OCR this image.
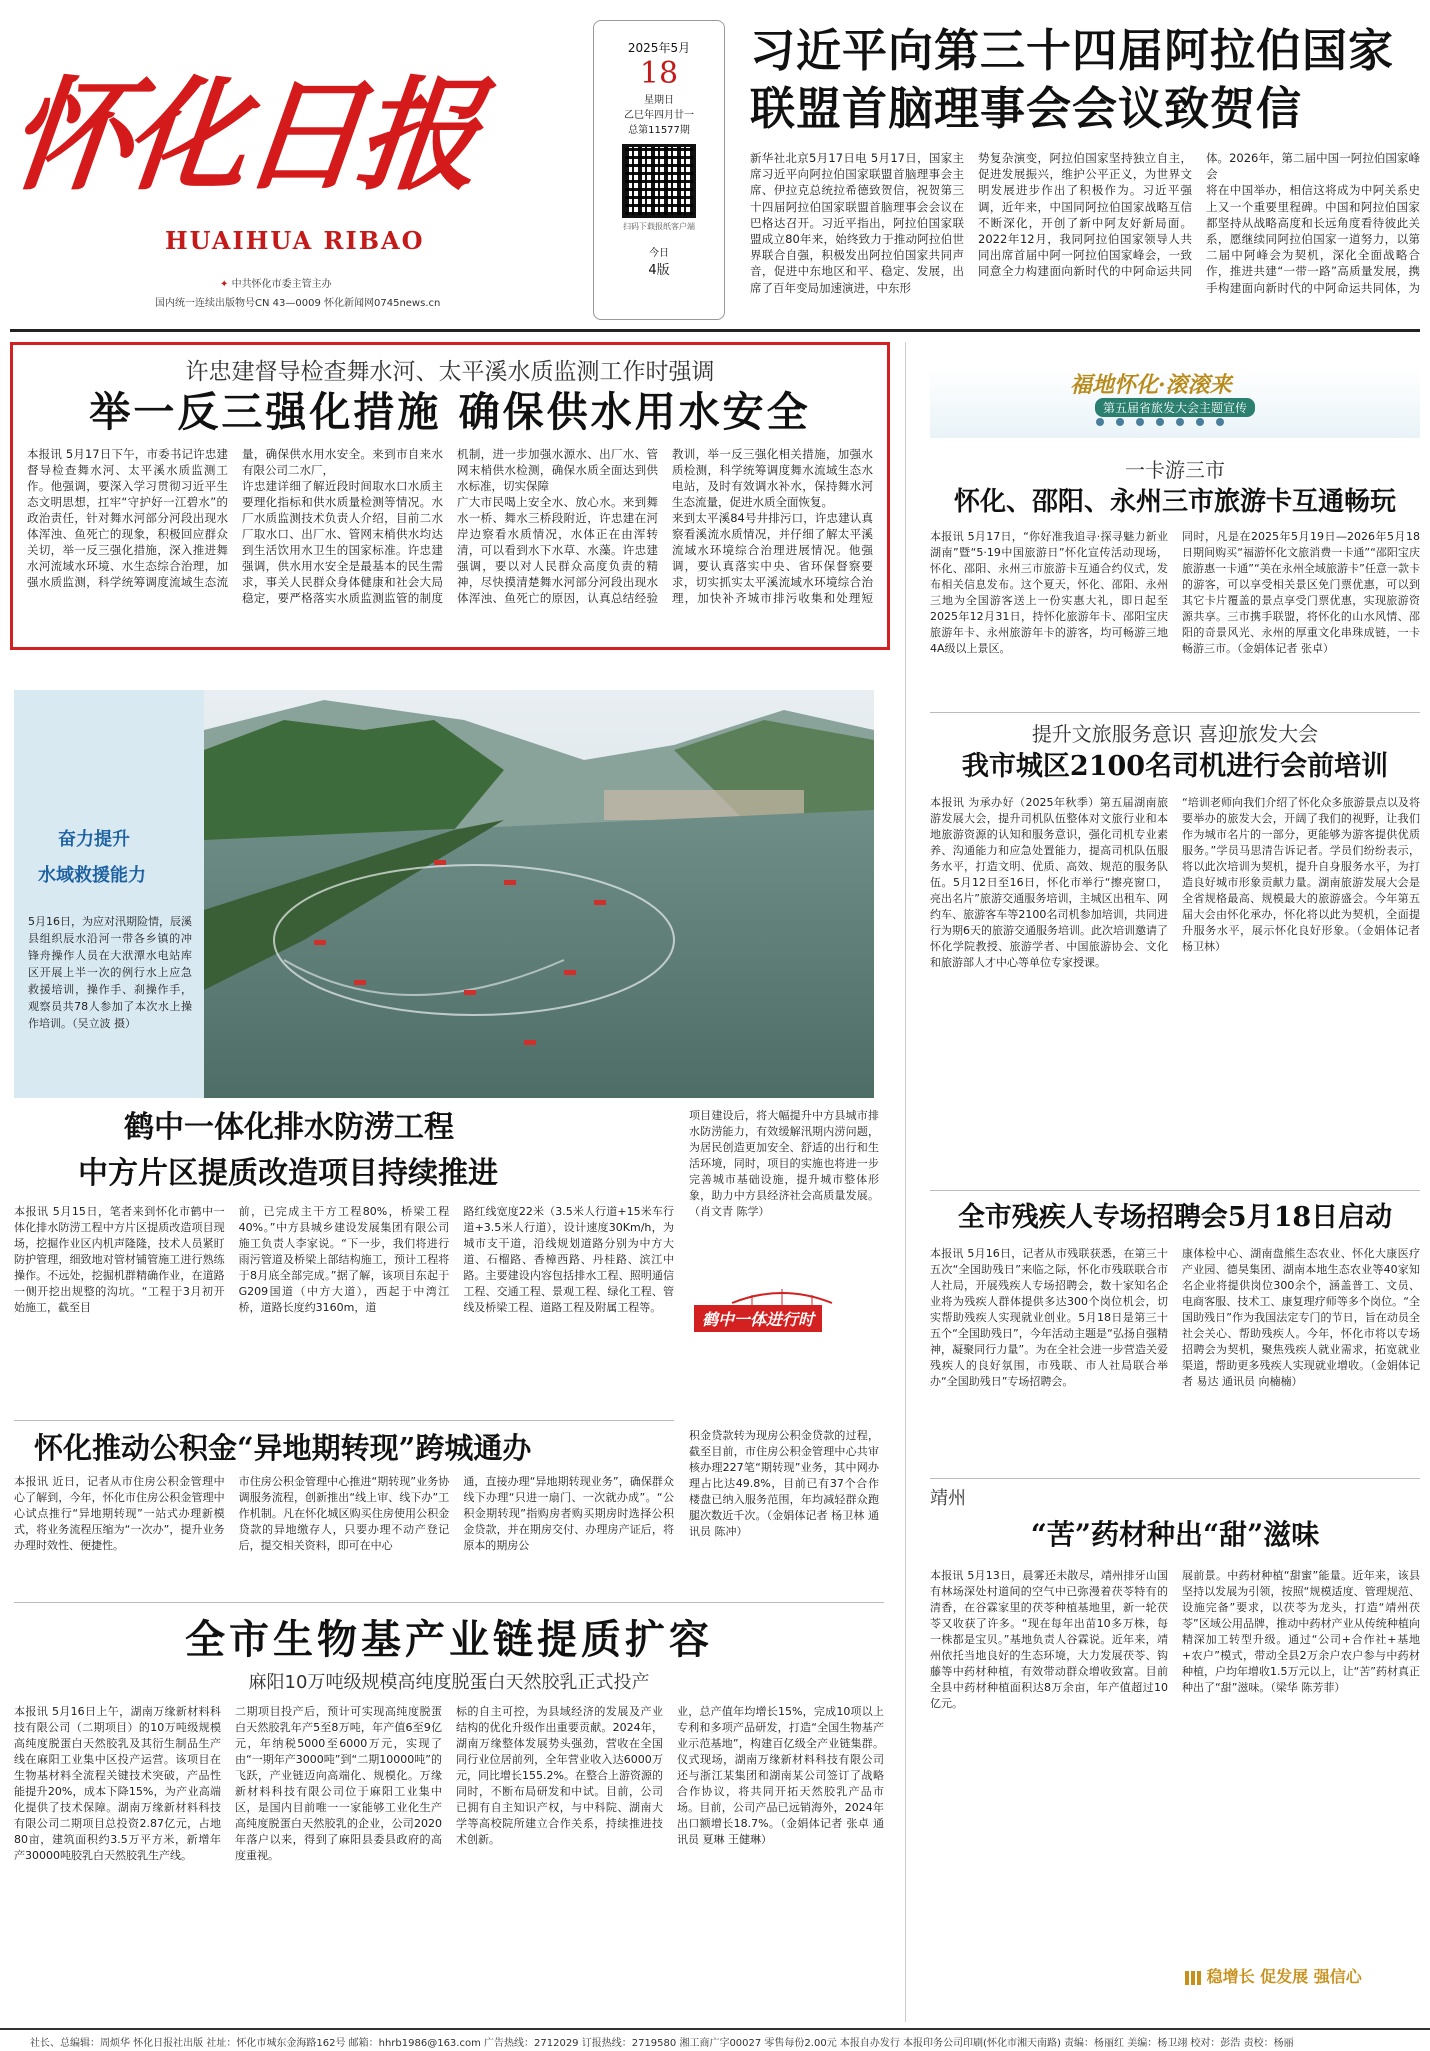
怀化日报
HUAIHUA RIBAO
✦ 中共怀化市委主管主办
国内统一连续出版物号CN 43—0009 怀化新闻网0745news.cn
2025年5月
18
星期日
乙巳年四月廿一
总第11577期
扫码下载报纸客户端
今日
4版
习近平向第三十四届阿拉伯国家联盟首脑理事会会议致贺信

新华社北京5月17日电 5月17日，国家主席习近平向阿拉伯国家联盟首脑理事会主席、伊拉克总统拉希德致贺信，祝贺第三十四届阿拉伯国家联盟首脑理事会会议在巴格达召开。习近平指出，阿拉伯国家联盟成立80年来，始终致力于推动阿拉伯世界联合自强，积极发出阿拉伯国家共同声音，促进中东地区和平、稳定、发展，出席了百年变局加速演进，中东形

势复杂演变，阿拉伯国家坚持独立自主，促进发展振兴，维护公平正义，为世界文明发展进步作出了积极作为。习近平强调，近年来，中国同阿拉伯国家战略互信不断深化，开创了新中阿友好新局面。2022年12月，我同阿拉伯国家领导人共同出席首届中阿一阿拉伯国家峰会，一致同意全力构建面向新时代的中阿命运共同体。2026年，第二届中国一阿拉伯国家峰会

将在中国举办，相信这将成为中阿关系史上又一个重要里程碑。中国和阿拉伯国家都坚持从战略高度和长远角度看待彼此关系，愿继续同阿拉伯国家一道努力，以第二届中阿峰会为契机，深化全面战略合作，推进共建“一带一路”高质量发展，携手构建面向新时代的中阿命运共同体，为

许忠建督导检查舞水河、太平溪水质监测工作时强调
举一反三强化措施 确保供水用水安全

本报讯 5月17日下午，市委书记许忠建督导检查舞水河、太平溪水质监测工作。他强调，要深入学习贯彻习近平生态文明思想，扛牢“守护好一江碧水”的政治责任，针对舞水河部分河段出现水体浑浊、鱼死亡的现象，积极回应群众关切，举一反三强化措施，深入推进舞水河流域水环境、水生态综合治理，加强水质监测，科学统筹调度流域生态流量，确保供水用水安全。来到市自来水有限公司二水厂，

许忠建详细了解近段时间取水口水质主要理化指标和供水质量检测等情况。水厂水质监测技术负责人介绍，目前二水厂取水口、出厂水、管网末梢供水均达到生活饮用水卫生的国家标准。许忠建强调，供水用水安全是最基本的民生需求，事关人民群众身体健康和社会大局稳定，要严格落实水质监测监管的制度机制，进一步加强水源水、出厂水、管网末梢供水检测，确保水质全面达到供水标准，切实保障

广大市民喝上安全水、放心水。来到舞水一桥、舞水三桥段附近，许忠建在河岸边察看水质情况，水体正在由浑转清，可以看到水下水草、水藻。许忠建强调，要以对人民群众高度负责的精神，尽快摸清楚舞水河部分河段出现水体浑浊、鱼死亡的原因，认真总结经验教训，举一反三强化相关措施，加强水质检测，科学统筹调度舞水流域生态水电站，及时有效调水补水，保持舞水河生态流量，促进水质全面恢复。

来到太平溪84号井排污口，许忠建认真察看溪流水质情况，并仔细了解太平溪流域水环境综合治理进展情况。他强调，要认真落实中央、省环保督察要求，切实抓实太平溪流域水环境综合治理，加快补齐城市排污收集和处理短

奋力提升
水域救援能力
5月16日，为应对汛期险情，辰溪县组织辰水沿河一带各乡镇的冲锋舟操作人员在大洑潭水电站库区开展上半一次的例行水上应急救援培训，操作手、刹操作手，观察员共78人参加了本次水上操作培训。（吴立波 摄）
鹤中一体化排水防涝工程
中方片区提质改造项目持续推进

本报讯 5月15日，笔者来到怀化市鹤中一体化排水防涝工程中方片区提质改造项目现场，挖掘作业区内机声隆隆，技术人员紧盯防护管理，细致地对管材铺管施工进行熟练操作。不远处，挖掘机群精确作业，在道路一侧开挖出规整的沟坑。“工程于3月初开始施工，截至目

前，已完成主干方工程80%，桥梁工程40%。”中方县城乡建设发展集团有限公司施工负责人李家说。“下一步，我们将进行雨污管道及桥梁上部结构施工，预计工程将于8月底全部完成。”据了解，该项目东起于G209国道（中方大道），西起于中湾江桥，道路长度约3160m，道

路红线宽度22米（3.5米人行道+15米车行道+3.5米人行道），设计速度30Km/h，为城市支干道，沿线规划道路分别为中方大道、石榴路、香樟西路、丹桂路、滨江中路。主要建设内容包括排水工程、照明通信工程、交通工程、景观工程、绿化工程、管线及桥梁工程、道路工程及附属工程等。

项目建设后，将大幅提升中方县城市排水防涝能力，有效缓解汛期内涝问题，为居民创造更加安全、舒适的出行和生活环境，同时，项目的实施也将进一步完善城市基础设施，提升城市整体形象，助力中方县经济社会高质量发展。（肖文青 陈学）

鹤中一体进行时
怀化推动公积金“异地期转现”跨城通办

本报讯 近日，记者从市住房公积金管理中心了解到，今年，怀化市住房公积金管理中心试点推行“异地期转现”一站式办理新模式，将业务流程压缩为“一次办”，提升业务办理时效性、便捷性。

市住房公积金管理中心推进“期转现”业务协调服务流程，创新推出“线上审、线下办”工作机制。凡在怀化城区购买住房使用公积金贷款的异地缴存人，只要办理不动产登记后，提交相关资料，即可在中心

通，直接办理“异地期转现业务”，确保群众线下办理“只进一扇门、一次就办成”。“公积金期转现”指购房者购买期房时选择公积金贷款，并在期房交付、办理房产证后，将原本的期房公

积金贷款转为现房公积金贷款的过程，截至目前，市住房公积金管理中心共审核办理227笔“期转现”业务，其中网办理占比达49.8%，目前已有37个合作楼盘已纳入服务范围，年均减轻群众跑腿次数近千次。（金娟体记者 杨卫林 通讯员 陈冲）

全市生物基产业链提质扩容
麻阳10万吨级规模高纯度脱蛋白天然胶乳正式投产

本报讯 5月16日上午，湖南万缘新材料科技有限公司（二期项目）的10万吨级规模高纯度脱蛋白天然胶乳及其衍生制品生产线在麻阳工业集中区投产运营。该项目在生物基材料全流程关键技术突破，产品性能提升20%，成本下降15%，为产业高端化提供了技术保障。湖南万缘新材料科技有限公司二期项目总投资2.87亿元，占地80亩，建筑面积约3.5万平方米，新增年产30000吨胶乳白天然胶乳生产线。

二期项目投产后，预计可实现高纯度脱蛋白天然胶乳年产5至8万吨，年产值6至9亿元，年纳税5000至6000万元，实现了由“一期年产3000吨”到“二期10000吨”的飞跃，产业链迈向高端化、规模化。万缘新材料科技有限公司位于麻阳工业集中区，是国内目前唯一一家能够工业化生产高纯度脱蛋白天然胶乳的企业，公司2020年落户以来，得到了麻阳县委县政府的高度重视。

标的自主可控，为县域经济的发展及产业结构的优化升级作出重要贡献。2024年，湖南万缘整体发展势头强劲，营收在全国同行业位居前列，全年营业收入达6000万元，同比增长155.2%。在整合上游资源的同时，不断布局研发和中试。目前，公司已拥有自主知识产权，与中科院、湖南大学等高校院所建立合作关系，持续推进技术创新。

业，总产值年均增长15%，完成10项以上专利和多项产品研发，打造“全国生物基产业示范基地”，构建百亿级全产业链集群。仪式现场，湖南万缘新材料科技有限公司还与浙江某集团和湖南某公司签订了战略合作协议，将共同开拓天然胶乳产品市场。目前，公司产品已远销海外，2024年出口额增长18.7%。（金娟体记者 张卓 通讯员 夏琳 王健琳）

福地怀化·滚滚来
第五届省旅发大会主题宣传
一卡游三市
怀化、邵阳、永州三市旅游卡互通畅玩

本报讯 5月17日，“你好准我追寻·探寻魅力新业湖南”暨“5·19中国旅游日”怀化宣传活动现场，怀化、邵阳、永州三市旅游卡互通合约仪式，发布相关信息发布。这个夏天，怀化、邵阳、永州三地为全国游客送上一份实惠大礼，即日起至2025年12月31日，持怀化旅游年卡、邵阳宝庆旅游年卡、永州旅游年卡的游客，均可畅游三地4A级以上景区。

同时，凡是在2025年5月19日—2026年5月18日期间购买“福游怀化文旅消费一卡通”“邵阳宝庆旅游惠一卡通”“美在永州全域旅游卡”任意一款卡的游客，可以享受相关景区免门票优惠，可以到其它卡片覆盖的景点享受门票优惠，实现旅游资源共享。三市携手联盟，将怀化的山水风情、邵阳的奇景风光、永州的厚重文化串珠成链，一卡畅游三市。（金娟体记者 张卓）

提升文旅服务意识 喜迎旅发大会
我市城区2100名司机进行会前培训

本报讯 为承办好（2025年秋季）第五届湖南旅游发展大会，提升司机队伍整体对文旅行业和本地旅游资源的认知和服务意识，强化司机专业素养、沟通能力和应急处置能力，提高司机队伍服务水平，打造文明、优质、高效、规范的服务队伍。5月12日至16日，怀化市举行“擦亮窗口，亮出名片”旅游交通服务培训，主城区出租车、网约车、旅游客车等2100名司机参加培训，共同进行为期6天的旅游交通服务培训。此次培训邀请了怀化学院教授、旅游学者、中国旅游协会、文化和旅游部人才中心等单位专家授课。

“培训老师向我们介绍了怀化众多旅游景点以及将要举办的旅发大会，开阔了我们的视野，让我们作为城市名片的一部分，更能够为游客提供优质服务。”学员马思清告诉记者。学员们纷纷表示，将以此次培训为契机，提升自身服务水平，为打造良好城市形象贡献力量。湖南旅游发展大会是全省规格最高、规模最大的旅游盛会。今年第五届大会由怀化承办，怀化将以此为契机，全面提升服务水平，展示怀化良好形象。（金娟体记者 杨卫林）

全市残疾人专场招聘会5月18日启动

本报讯 5月16日，记者从市残联获悉，在第三十五次“全国助残日”来临之际，怀化市残联联合市人社局，开展残疾人专场招聘会，数十家知名企业将为残疾人群体提供多达300个岗位机会，切实帮助残疾人实现就业创业。5月18日是第三十五个“全国助残日”，今年活动主题是“弘扬自强精神，凝聚同行力量”。为在全社会进一步营造关爱残疾人的良好氛围，市残联、市人社局联合举办“全国助残日”专场招聘会。

康体检中心、湖南盘熊生态农业、怀化大康医疗产业园、德昊集团、湖南本地生态农业等40家知名企业将提供岗位300余个，涵盖普工、文员、电商客服、技术工、康复理疗师等多个岗位。“全国助残日”作为我国法定专门的节日，旨在动员全社会关心、帮助残疾人。今年，怀化市将以专场招聘会为契机，聚焦残疾人就业需求，拓宽就业渠道，帮助更多残疾人实现就业增收。（金娟体记者 易达 通讯员 向楠楠）

靖州
“苦”药材种出“甜”滋味

本报讯 5月13日，晨雾还未散尽，靖州排牙山国有林场深处村道间的空气中已弥漫着茯苓特有的清香，在谷霖家里的茯苓种植基地里，新一轮茯苓又收获了许多。“现在每年出苗10多万株，每一株都是宝贝。”基地负责人谷霖说。近年来，靖州依托当地良好的生态环境，大力发展茯苓、钩藤等中药材种植，有效带动群众增收致富。目前全县中药材种植面积达8万余亩，年产值超过10亿元。

展前景。中药材种植“甜蜜”能量。近年来，该县坚持以发展为引领，按照“规模适度、管理规范、设施完备”要求，以茯苓为龙头，打造“靖州茯苓”区域公用品牌，推动中药材产业从传统种植向精深加工转型升级。通过“公司+合作社+基地+农户”模式，带动全县2万余户农户参与中药材种植，户均年增收1.5万元以上，让“苦”药材真正种出了“甜”滋味。（梁华 陈芳菲）

稳增长 促发展 强信心
社长、总编辑：周烦华 怀化日报社出版 社址：怀化市城东金海路162号 邮箱：hhrb1986@163.com 广告热线：2712029 订报热线：2719580 湘工商广字00027 零售每份2.00元 本报自办发行 本报印务公司印刷(怀化市湘天南路) 责编：杨丽红 美编：杨卫翊 校对：彭浩 责校：杨丽
